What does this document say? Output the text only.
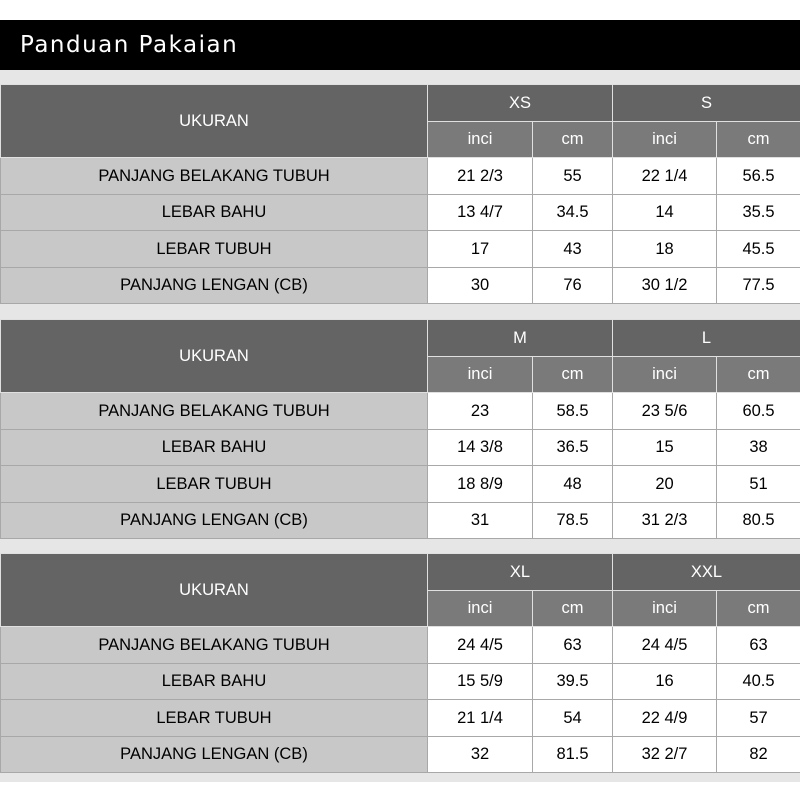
Panduan Pakaian
UKURAN	XS		S	
	inci	cm	inci	cm
PANJANG BELAKANG TUBUH	21 2/3	55	22 1/4	56.5
LEBAR BAHU	13 4/7	34.5	14	35.5
LEBAR TUBUH	17	43	18	45.5
PANJANG LENGAN (CB)	30	76	30 1/2	77.5
UKURAN	M		L	
	inci	cm	inci	cm
PANJANG BELAKANG TUBUH	23	58.5	23 5/6	60.5
LEBAR BAHU	14 3/8	36.5	15	38
LEBAR TUBUH	18 8/9	48	20	51
PANJANG LENGAN (CB)	31	78.5	31 2/3	80.5
UKURAN	XL		XXL	
	inci	cm	inci	cm
PANJANG BELAKANG TUBUH	24 4/5	63	24 4/5	63
LEBAR BAHU	15 5/9	39.5	16	40.5
LEBAR TUBUH	21 1/4	54	22 4/9	57
PANJANG LENGAN (CB)	32	81.5	32 2/7	82
